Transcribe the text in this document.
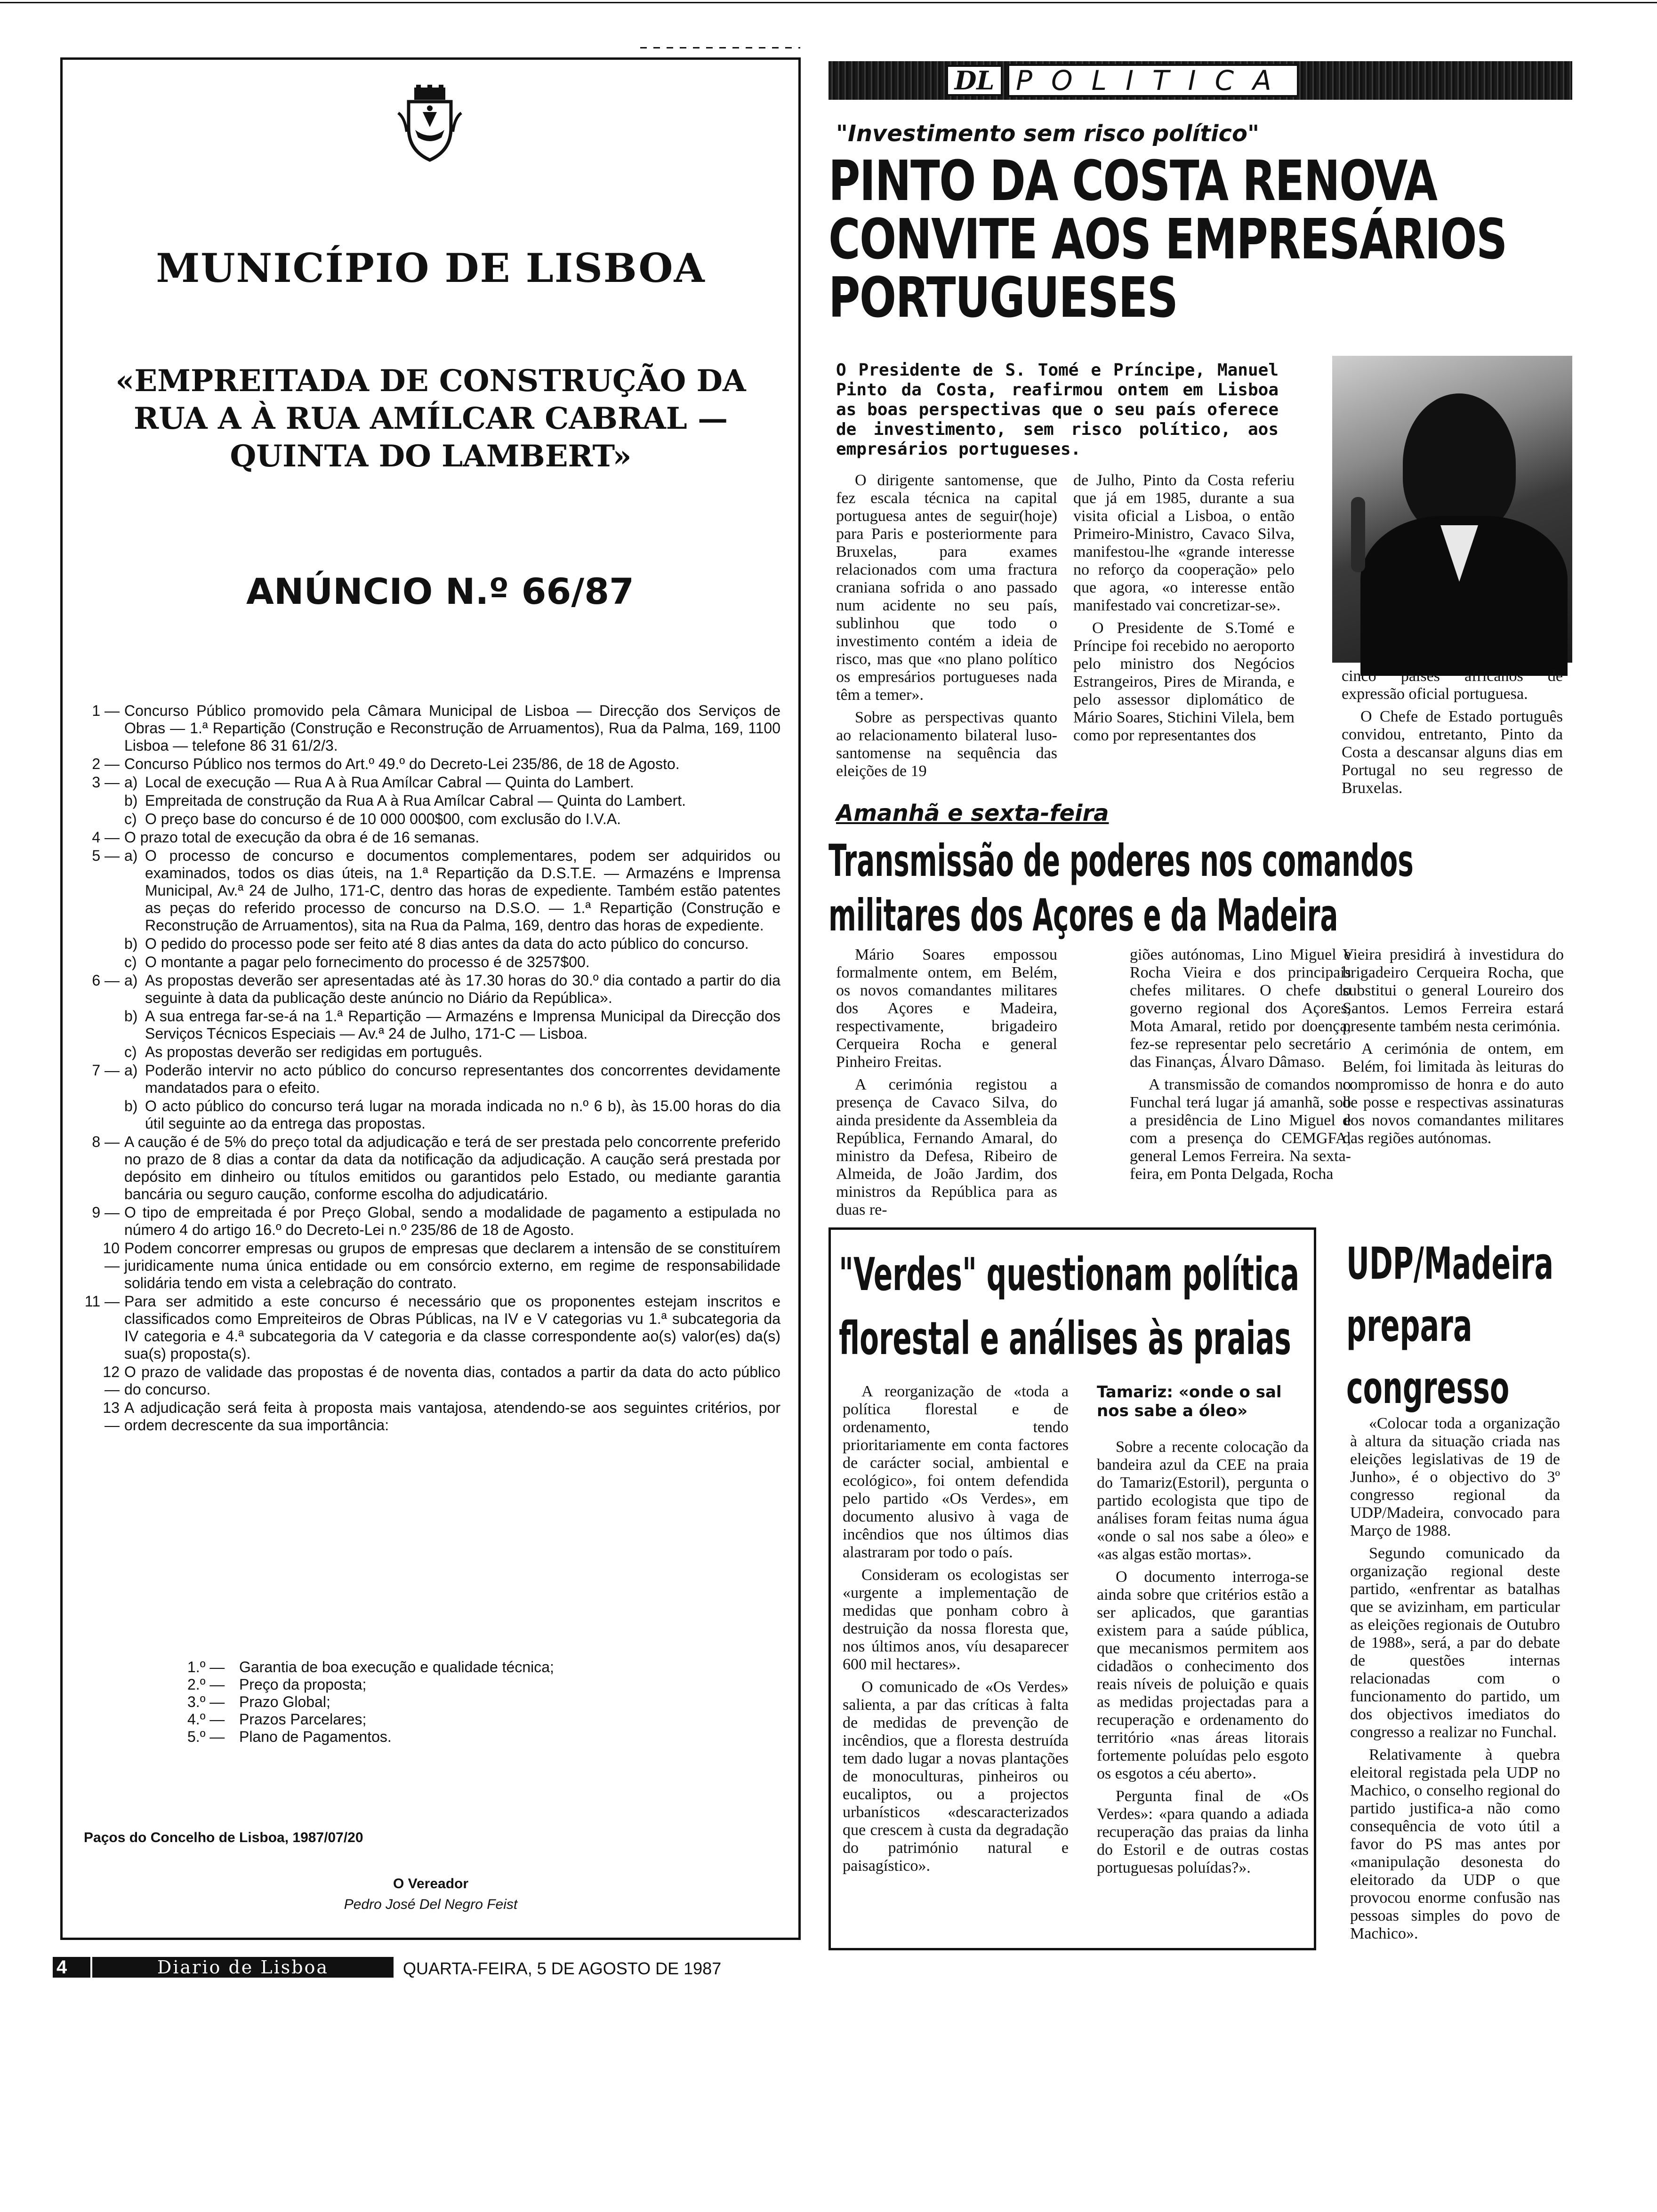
MUNICÍPIO DE LISBOA
«EMPREITADA DE CONSTRUÇÃO DA
RUA A À RUA AMÍLCAR CABRAL —
QUINTA DO LAMBERT»
ANÚNCIO N.º 66/87
1 — Concurso Público promovido pela Câmara Municipal de Lisboa — Direcção dos Serviços de Obras — 1.ª Repartição (Construção e Reconstrução de Arruamentos), Rua da Palma, 169, 1100 Lisboa — telefone 86 31 61/2/3.
2 — Concurso Público nos termos do Art.º 49.º do Decreto-Lei 235/86, de 18 de Agosto.
3 — a) Local de execução — Rua A à Rua Amílcar Cabral — Quinta do Lambert.
b) Empreitada de construção da Rua A à Rua Amílcar Cabral — Quinta do Lambert.
c) O preço base do concurso é de 10 000 000$00, com exclusão do I.V.A.
4 — O prazo total de execução da obra é de 16 semanas.
5 — a) O processo de concurso e documentos complementares, podem ser adquiridos ou examinados, todos os dias úteis, na 1.ª Repartição da D.S.T.E. — Armazéns e Imprensa Municipal, Av.ª 24 de Julho, 171-C, dentro das horas de expediente. Também estão patentes as peças do referido processo de concurso na D.S.O. — 1.ª Repartição (Construção e Reconstrução de Arruamentos), sita na Rua da Palma, 169, dentro das horas de expediente.
b) O pedido do processo pode ser feito até 8 dias antes da data do acto público do concurso.
c) O montante a pagar pelo fornecimento do processo é de 3257$00.
6 — a) As propostas deverão ser apresentadas até às 17.30 horas do 30.º dia contado a partir do dia seguinte à data da publicação deste anúncio no Diário da República».
b) A sua entrega far-se-á na 1.ª Repartição — Armazéns e Imprensa Municipal da Direcção dos Serviços Técnicos Especiais — Av.ª 24 de Julho, 171-C — Lisboa.
c) As propostas deverão ser redigidas em português.
7 — a) Poderão intervir no acto público do concurso representantes dos concorrentes devidamente mandatados para o efeito.
b) O acto público do concurso terá lugar na morada indicada no n.º 6 b), às 15.00 horas do dia útil seguinte ao da entrega das propostas.
8 — A caução é de 5% do preço total da adjudicação e terá de ser prestada pelo concorrente preferido no prazo de 8 dias a contar da data da notificação da adjudicação. A caução será prestada por depósito em dinheiro ou títulos emitidos ou garantidos pelo Estado, ou mediante garantia bancária ou seguro caução, conforme escolha do adjudicatário.
9 — O tipo de empreitada é por Preço Global, sendo a modalidade de pagamento a estipulada no número 4 do artigo 16.º do Decreto-Lei n.º 235/86 de 18 de Agosto.
10 —
Podem concorrer empresas ou grupos de empresas que declarem a intensão de se constituírem juridicamente numa única entidade ou em consórcio externo, em regime de responsabilidade solidária tendo em vista a celebração do contrato.
11 — Para ser admitido a este concurso é necessário que os proponentes estejam inscritos e classificados como Empreiteiros de Obras Públicas, na IV e V categorias vu 1.ª subcategoria da IV categoria e 4.ª subcategoria da V categoria e da classe correspondente ao(s) valor(es) da(s) sua(s) proposta(s).
12 —
O prazo de validade das propostas é de noventa dias, contados a partir da data do acto público do concurso.
13 —
A adjudicação será feita à proposta mais vantajosa, atendendo-se aos seguintes critérios, por ordem decrescente da sua importância:
1.º — Garantia de boa execução e qualidade técnica;
2.º — Preço da proposta;
3.º — Prazo Global;
4.º — Prazos Parcelares;
5.º — Plano de Pagamentos.
Paços do Concelho de Lisboa, 1987/07/20
O Vereador
Pedro José Del Negro Feist
4	Diario de Lisboa	QUARTA-FEIRA, 5 DE AGOSTO DE 1987
DL POLITICA
"Investimento sem risco político"
PINTO DA COSTA RENOVA
CONVITE AOS EMPRESÁRIOS
PORTUGUESES
O Presidente de S. Tomé e Príncipe, Manuel Pinto da Costa, reafirmou ontem em Lisboa as boas perspectivas que o seu país oferece de investimento, sem risco político, aos empresários portugueses.

O dirigente santomense, que fez escala técnica na capital portuguesa antes de seguir(hoje) para Paris e posteriormente para Bruxelas, para exames relacionados com uma fractura craniana sofrida o ano passado num acidente no seu país, sublinhou que todo o investimento contém a ideia de risco, mas que «no plano político os empresários portugueses nada têm a temer».

Sobre as perspectivas quanto ao relacionamento bilateral luso-santomense na sequência das eleições de 19

de Julho, Pinto da Costa referiu que já em 1985, durante a sua visita oficial a Lisboa, o então Primeiro-Ministro, Cavaco Silva, manifestou-lhe «grande interesse no reforço da cooperação» pelo que agora, «o interesse então manifestado vai concretizar-se».

O Presidente de S.Tomé e Príncipe foi recebido no aeroporto pelo ministro dos Negócios Estrangeiros, Pires de Miranda, e pelo assessor diplomático de Mário Soares, Stichini Vilela, bem como por representantes dos

cinco países africanos de expressão oficial portuguesa.

O Chefe de Estado português convidou, entretanto, Pinto da Costa a descansar alguns dias em Portugal no seu regresso de Bruxelas.

Amanhã e sexta-feira
Transmissão de poderes nos comandos
militares dos Açores e da Madeira

Mário Soares empossou formalmente ontem, em Belém, os novos comandantes militares dos Açores e Madeira, respectivamente, brigadeiro Cerqueira Rocha e general Pinheiro Freitas.

A cerimónia registou a presença de Cavaco Silva, do ainda presidente da Assembleia da República, Fernando Amaral, do ministro da Defesa, Ribeiro de Almeida, de João Jardim, dos ministros da República para as duas re-

giões autónomas, Lino Miguel e Rocha Vieira e dos principais chefes militares. O chefe do governo regional dos Açores, Mota Amaral, retido por doença, fez-se representar pelo secretário das Finanças, Álvaro Dâmaso.

A transmissão de comandos no Funchal terá lugar já amanhã, sob a presidência de Lino Miguel e com a presença do CEMGFA, general Lemos Ferreira. Na sexta-feira, em Ponta Delgada, Rocha

Vieira presidirá à investidura do brigadeiro Cerqueira Rocha, que substitui o general Loureiro dos Santos. Lemos Ferreira estará presente também nesta cerimónia.

A cerimónia de ontem, em Belém, foi limitada às leituras do compromisso de honra e do auto de posse e respectivas assinaturas dos novos comandantes militares das regiões autónomas.

"Verdes" questionam política
florestal e análises às praias

A reorganização de «toda a política florestal e de ordenamento, tendo prioritariamente em conta factores de carácter social, ambiental e ecológico», foi ontem defendida pelo partido «Os Verdes», em documento alusivo à vaga de incêndios que nos últimos dias alastraram por todo o país.

Consideram os ecologistas ser «urgente a implementação de medidas que ponham cobro à destruição da nossa floresta que, nos últimos anos, víu desaparecer 600 mil hectares».

O comunicado de «Os Verdes» salienta, a par das críticas à falta de medidas de prevenção de incêndios, que a floresta destruída tem dado lugar a novas plantações de monoculturas, pinheiros ou eucaliptos, ou a projectos urbanísticos «descaracterizados que crescem à custa da degradação do património natural e paisagístico».

Tamariz: «onde o sal nos sabe a óleo»

Sobre a recente colocação da bandeira azul da CEE na praia do Tamariz(Estoril), pergunta o partido ecologista que tipo de análises foram feitas numa água «onde o sal nos sabe a óleo» e «as algas estão mortas».

O documento interroga-se ainda sobre que critérios estão a ser aplicados, que garantias existem para a saúde pública, que mecanismos permitem aos cidadãos o conhecimento dos reais níveis de poluição e quais as medidas projectadas para a recuperação e ordenamento do território «nas áreas litorais fortemente poluídas pelo esgoto os esgotos a céu aberto».

Pergunta final de «Os Verdes»: «para quando a adiada recuperação das praias da linha do Estoril e de outras costas portuguesas poluídas?».

UDP/Madeira
prepara
congresso

«Colocar toda a organização à altura da situação criada nas eleições legislativas de 19 de Junho», é o objectivo do 3º congresso regional da UDP/Madeira, convocado para Março de 1988.

Segundo comunicado da organização regional deste partido, «enfrentar as batalhas que se avizinham, em particular as eleições regionais de Outubro de 1988», será, a par do debate de questões internas relacionadas com o funcionamento do partido, um dos objectivos imediatos do congresso a realizar no Funchal.

Relativamente à quebra eleitoral registada pela UDP no Machico, o conselho regional do partido justifica-a não como consequência de voto útil a favor do PS mas antes por «manipulação desonesta do eleitorado da UDP o que provocou enorme confusão nas pessoas simples do povo de Machico».
